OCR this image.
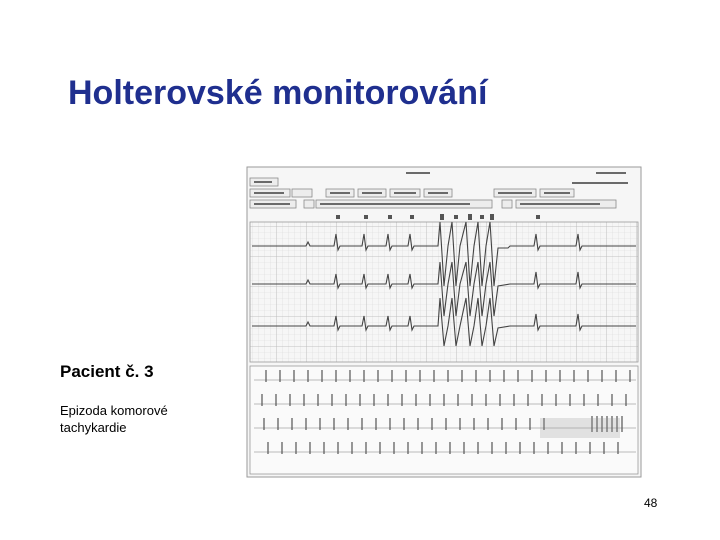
Holterovské monitorování
Pacient č. 3
Epizoda komorové
tachykardie
48
